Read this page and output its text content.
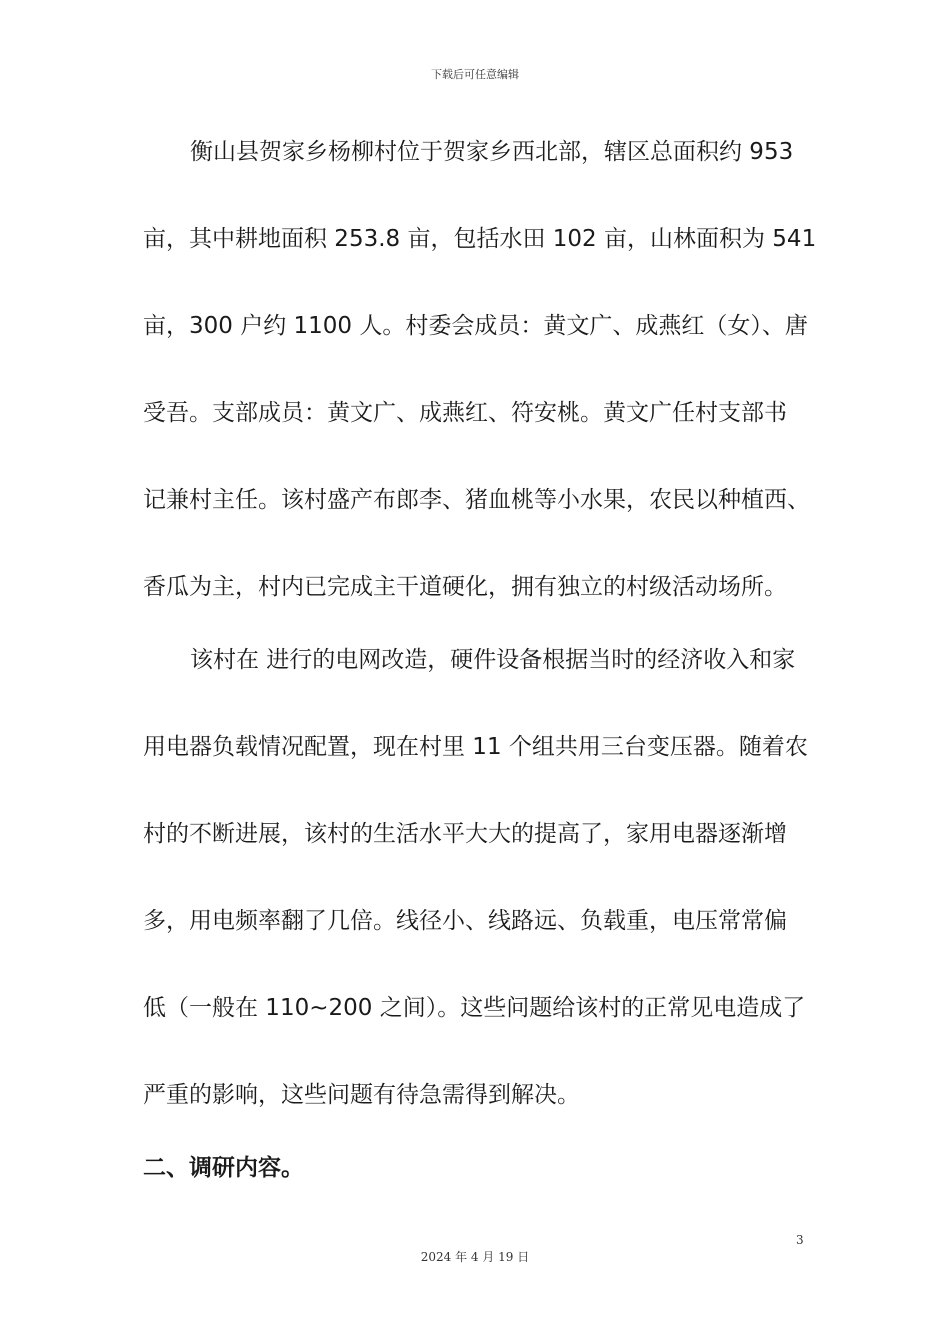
下载后可任意编辑
衡山县贺家乡杨柳村位于贺家乡西北部，辖区总面积约 953
亩，其中耕地面积 253.8 亩，包括水田 102 亩，山林面积为 541
亩，300 户约 1100 人。村委会成员：黄文广、成燕红（女）、唐
受吾。支部成员：黄文广、成燕红、符安桃。黄文广任村支部书
记兼村主任。该村盛产布郎李、猪血桃等小水果，农民以种植西、
香瓜为主，村内已完成主干道硬化，拥有独立的村级活动场所。
该村在 进行的电网改造，硬件设备根据当时的经济收入和家
用电器负载情况配置，现在村里 11 个组共用三台变压器。随着农
村的不断进展，该村的生活水平大大的提高了，家用电器逐渐增
多，用电频率翻了几倍。线径小、线路远、负载重，电压常常偏
低（一般在 110~200 之间）。这些问题给该村的正常见电造成了
严重的影响，这些问题有待急需得到解决。
二、调研内容。
3
2024 年 4 月 19 日
